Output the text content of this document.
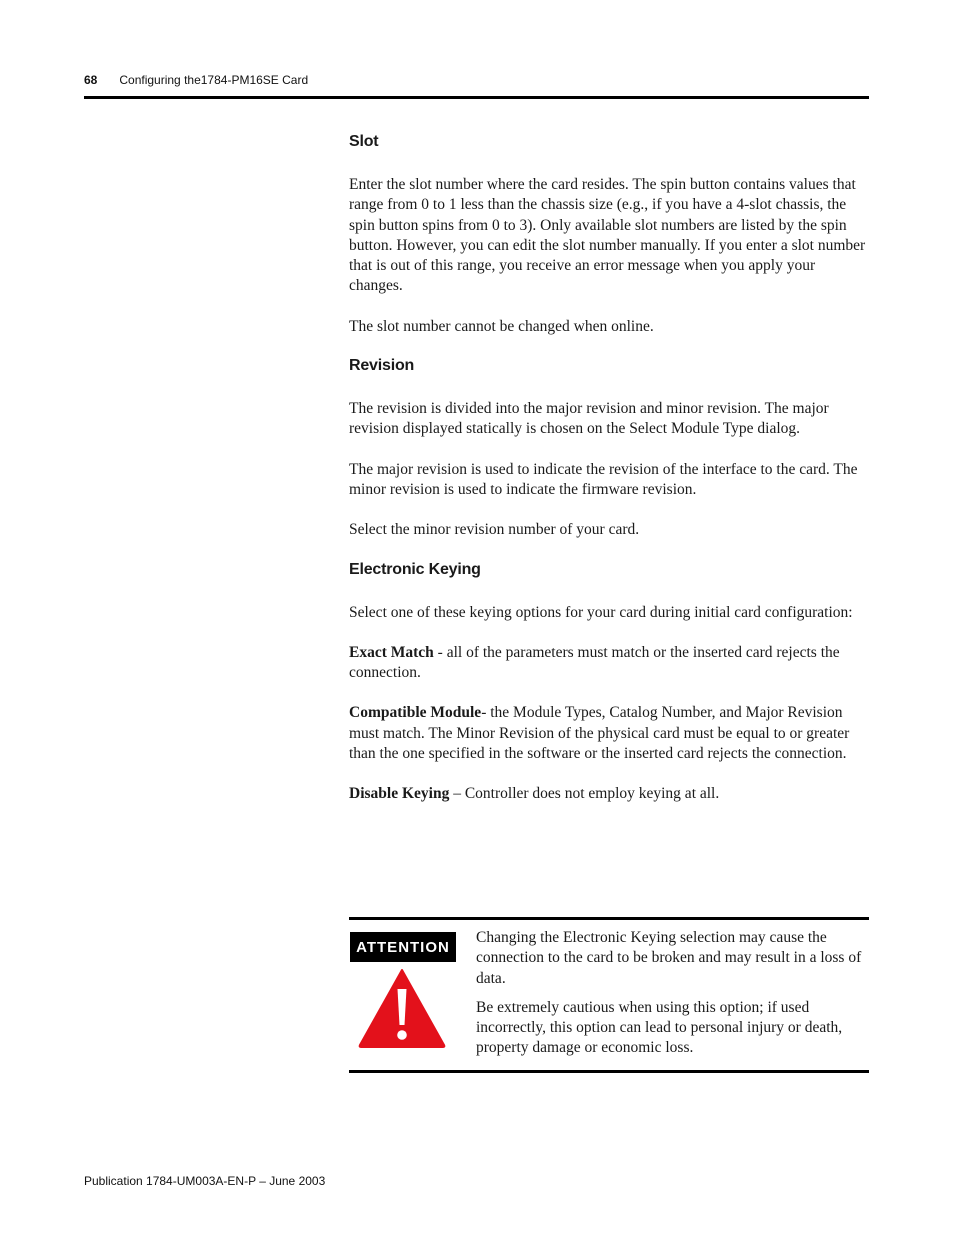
68 Configuring the1784-PM16SE Card
Slot

Enter the slot number where the card resides. The spin button contains values that range from 0 to 1 less than the chassis size (e.g., if you have a 4-slot chassis, the spin button spins from 0 to 3). Only available slot numbers are listed by the spin button. However, you can edit the slot number manually. If you enter a slot number that is out of this range, you receive an error message when you apply your changes.

The slot number cannot be changed when online.

Revision

The revision is divided into the major revision and minor revision. The major revision displayed statically is chosen on the Select Module Type dialog.

The major revision is used to indicate the revision of the interface to the card. The minor revision is used to indicate the firmware revision.

Select the minor revision number of your card.

Electronic Keying

Select one of these keying options for your card during initial card configuration:

Exact Match - all of the parameters must match or the inserted card rejects the connection.

Compatible Module- the Module Types, Catalog Number, and Major Revision must match. The Minor Revision of the physical card must be equal to or greater than the one specified in the software or the inserted card rejects the connection.

Disable Keying – Controller does not employ keying at all.

ATTENTION

Changing the Electronic Keying selection may cause the connection to the card to be broken and may result in a loss of data.

Be extremely cautious when using this option; if used incorrectly, this option can lead to personal injury or death, property damage or economic loss.

Publication 1784-UM003A-EN-P – June 2003
